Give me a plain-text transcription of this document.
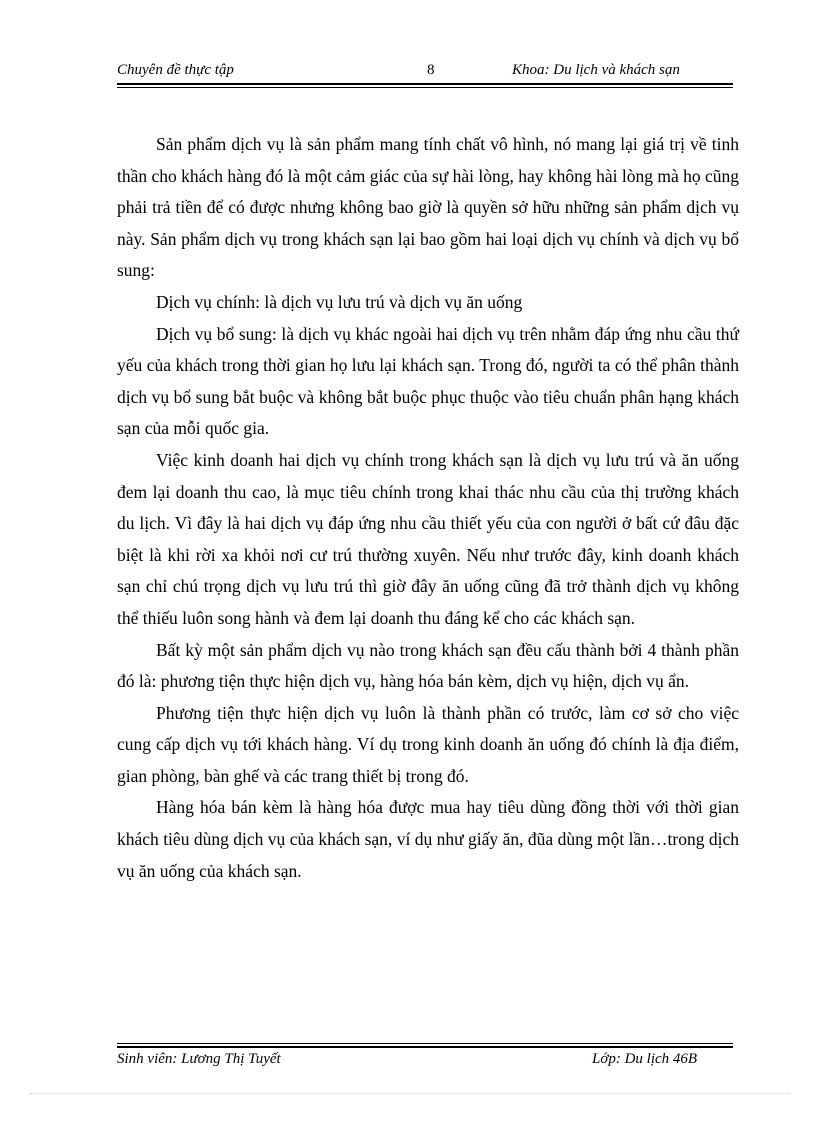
Chuyên đề thực tập	8	Khoa: Du lịch và khách sạn

Sản phẩm dịch vụ là sản phẩm mang tính chất vô hình, nó mang lại giá trị về tinh thần cho khách hàng đó là một cảm giác của sự hài lòng, hay không hài lòng mà họ cũng phải trả tiền để có được nhưng không bao giờ là quyền sở hữu những sản phẩm dịch vụ này. Sản phẩm dịch vụ trong khách sạn lại bao gồm hai loại dịch vụ chính và dịch vụ bổ sung:

Dịch vụ chính: là dịch vụ lưu trú và dịch vụ ăn uống

Dịch vụ bổ sung: là dịch vụ khác ngoài hai dịch vụ trên nhằm đáp ứng nhu cầu thứ yếu của khách trong thời gian họ lưu lại khách sạn. Trong đó, người ta có thể phân thành dịch vụ bổ sung bắt buộc và không bắt buộc phục thuộc vào tiêu chuẩn phân hạng khách sạn của mỗi quốc gia.

Việc kinh doanh hai dịch vụ chính trong khách sạn là dịch vụ lưu trú và ăn uống đem lại doanh thu cao, là mục tiêu chính trong khai thác nhu cầu của thị trường khách du lịch. Vì đây là hai dịch vụ đáp ứng nhu cầu thiết yếu của con người ở bất cứ đâu đặc biệt là khi rời xa khỏi nơi cư trú thường xuyên. Nếu như trước đây, kinh doanh khách sạn chỉ chú trọng dịch vụ lưu trú thì giờ đây ăn uống cũng đã trở thành dịch vụ không thể thiếu luôn song hành và đem lại doanh thu đáng kể cho các khách sạn.

Bất kỳ một sản phẩm dịch vụ nào trong khách sạn đều cấu thành bởi 4 thành phần đó là: phương tiện thực hiện dịch vụ, hàng hóa bán kèm, dịch vụ hiện, dịch vụ ẩn.

Phương tiện thực hiện dịch vụ luôn là thành phần có trước, làm cơ sở cho việc cung cấp dịch vụ tới khách hàng. Ví dụ trong kinh doanh ăn uống đó chính là địa điểm, gian phòng, bàn ghế và các trang thiết bị trong đó.

Hàng hóa bán kèm là hàng hóa được mua hay tiêu dùng đồng thời với thời gian khách tiêu dùng dịch vụ của khách sạn, ví dụ như giấy ăn, đũa dùng một lần…trong dịch vụ ăn uống của khách sạn.

Sinh viên: Lương Thị Tuyết	Lớp: Du lịch 46B
